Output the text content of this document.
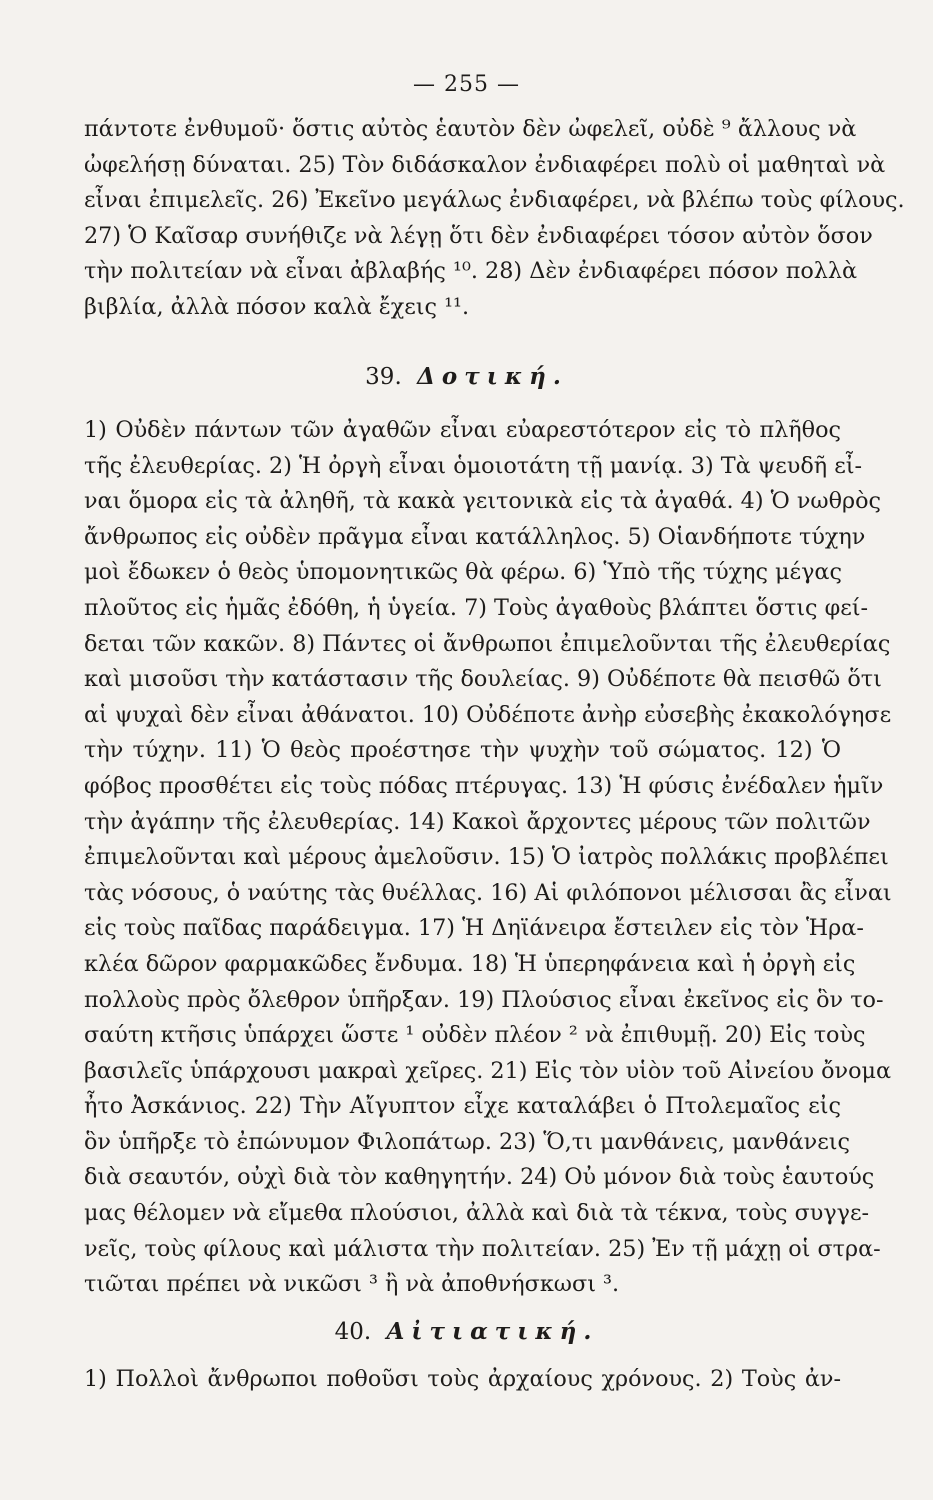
— 255 —
πάντοτε ἐνθυμοῦ· ὅστις αὐτὸς ἑαυτὸν δὲν ὠφελεῖ, οὐδὲ ⁹ ἄλλους νὰ
ὠφελήσῃ δύναται. 25) Τὸν διδάσκαλον ἐνδιαφέρει πολὺ οἱ μαθηταὶ νὰ
εἶναι ἐπιμελεῖς. 26) Ἐκεῖνο μεγάλως ἐνδιαφέρει, νὰ βλέπω τοὺς φίλους.
27) Ὁ Καῖσαρ συνήθιζε νὰ λέγῃ ὅτι δὲν ἐνδιαφέρει τόσον αὐτὸν ὅσον
τὴν πολιτείαν νὰ εἶναι ἀβλαβής ¹⁰. 28) Δὲν ἐνδιαφέρει πόσον πολλὰ
βιβλία, ἀλλὰ πόσον καλὰ ἔχεις ¹¹.
39. Δοτική.
1) Οὐδὲν πάντων τῶν ἀγαθῶν εἶναι εὐαρεστότερον εἰς τὸ πλῆθος
τῆς ἐλευθερίας. 2) Ἡ ὀργὴ εἶναι ὁμοιοτάτη τῇ μανίᾳ. 3) Τὰ ψευδῆ εἶ-
ναι ὅμορα εἰς τὰ ἀληθῆ, τὰ κακὰ γειτονικὰ εἰς τὰ ἀγαθά. 4) Ὁ νωθρὸς
ἄνθρωπος εἰς οὐδὲν πρᾶγμα εἶναι κατάλληλος. 5) Οἱανδήποτε τύχην
μοὶ ἔδωκεν ὁ θεὸς ὑπομονητικῶς θὰ φέρω. 6) Ὑπὸ τῆς τύχης μέγας
πλοῦτος εἰς ἡμᾶς ἐδόθη, ἡ ὑγεία. 7) Τοὺς ἀγαθοὺς βλάπτει ὅστις φεί-
δεται τῶν κακῶν. 8) Πάντες οἱ ἄνθρωποι ἐπιμελοῦνται τῆς ἐλευθερίας
καὶ μισοῦσι τὴν κατάστασιν τῆς δουλείας. 9) Οὐδέποτε θὰ πεισθῶ ὅτι
αἱ ψυχαὶ δὲν εἶναι ἀθάνατοι. 10) Οὐδέποτε ἀνὴρ εὐσεβὴς ἐκακολόγησε
τὴν τύχην. 11) Ὁ θεὸς προέστησε τὴν ψυχὴν τοῦ σώματος. 12) Ὁ
φόβος προσθέτει εἰς τοὺς πόδας πτέρυγας. 13) Ἡ φύσις ἐνέδαλεν ἡμῖν
τὴν ἀγάπην τῆς ἐλευθερίας. 14) Κακοὶ ἄρχοντες μέρους τῶν πολιτῶν
ἐπιμελοῦνται καὶ μέρους ἀμελοῦσιν. 15) Ὁ ἰατρὸς πολλάκις προβλέπει
τὰς νόσους, ὁ ναύτης τὰς θυέλλας. 16) Αἱ φιλόπονοι μέλισσαι ἂς εἶναι
εἰς τοὺς παῖδας παράδειγμα. 17) Ἡ Δηϊάνειρα ἔστειλεν εἰς τὸν Ἡρα-
κλέα δῶρον φαρμακῶδες ἔνδυμα. 18) Ἡ ὑπερηφάνεια καὶ ἡ ὀργὴ εἰς
πολλοὺς πρὸς ὄλεθρον ὑπῆρξαν. 19) Πλούσιος εἶναι ἐκεῖνος εἰς ὃν το-
σαύτη κτῆσις ὑπάρχει ὥστε ¹ οὐδὲν πλέον ² νὰ ἐπιθυμῇ. 20) Εἰς τοὺς
βασιλεῖς ὑπάρχουσι μακραὶ χεῖρες. 21) Εἰς τὸν υἱὸν τοῦ Αἰνείου ὄνομα
ἦτο Ἀσκάνιος. 22) Τὴν Αἴγυπτον εἶχε καταλάβει ὁ Πτολεμαῖος εἰς
ὃν ὑπῆρξε τὸ ἐπώνυμον Φιλοπάτωρ. 23) Ὅ,τι μανθάνεις, μανθάνεις
διὰ σεαυτόν, οὐχὶ διὰ τὸν καθηγητήν. 24) Οὐ μόνον διὰ τοὺς ἑαυτούς
μας θέλομεν νὰ εἴμεθα πλούσιοι, ἀλλὰ καὶ διὰ τὰ τέκνα, τοὺς συγγε-
νεῖς, τοὺς φίλους καὶ μάλιστα τὴν πολιτείαν. 25) Ἐν τῇ μάχῃ οἱ στρα-
τιῶται πρέπει νὰ νικῶσι ³ ἢ νὰ ἀποθνήσκωσι ³.
40. Αἰτιατική.
1) Πολλοὶ ἄνθρωποι ποθοῦσι τοὺς ἀρχαίους χρόνους. 2) Τοὺς ἀν-
